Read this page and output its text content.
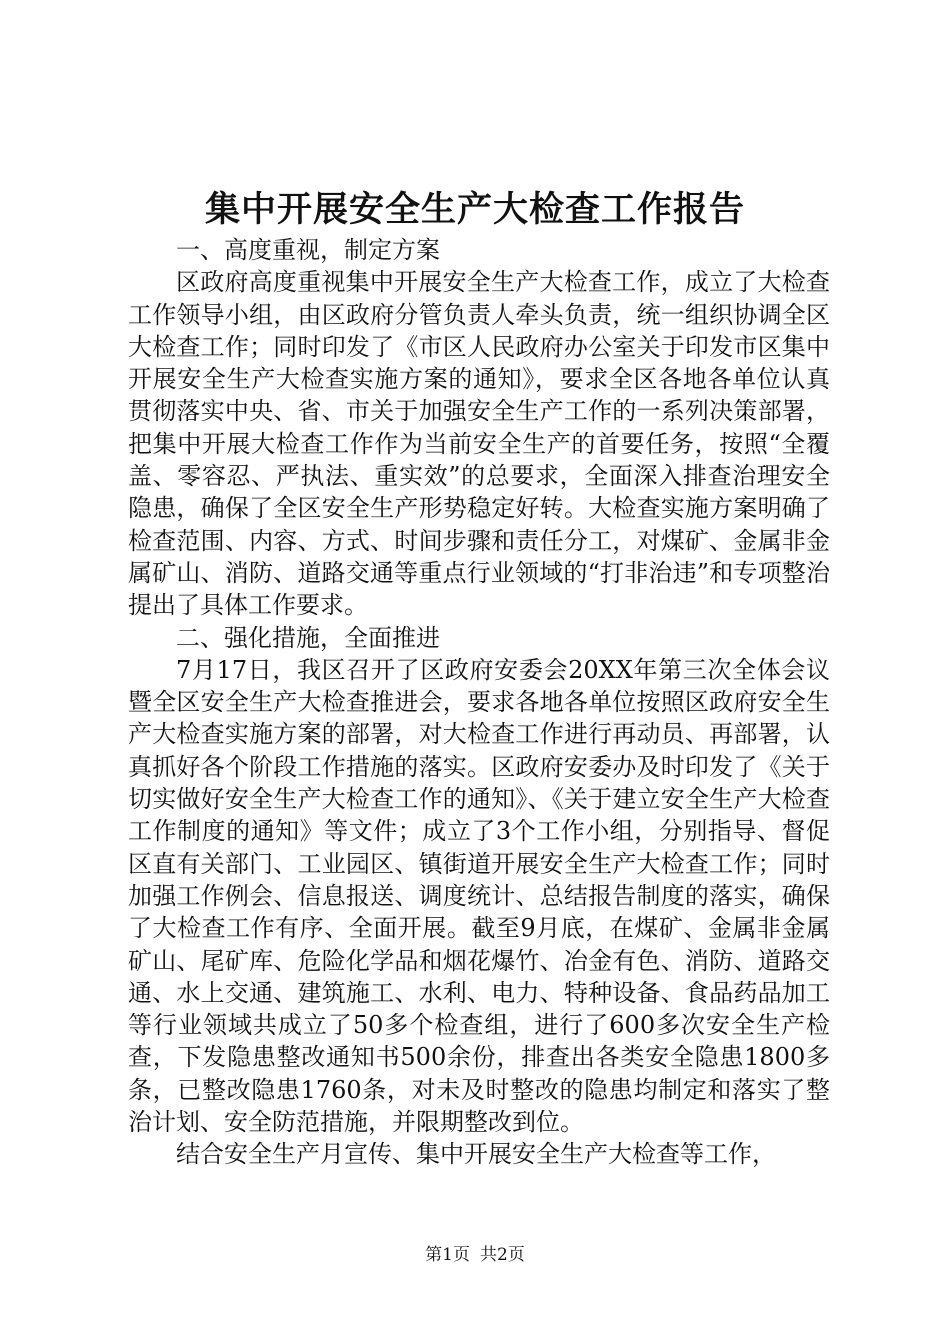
集中开展安全生产大检查工作报告

一、高度重视，制定方案

区政府高度重视集中开展安全生产大检查工作，成立了大检查工作领导小组，由区政府分管负责人牵头负责，统一组织协调全区大检查工作；同时印发了《市区人民政府办公室关于印发市区集中开展安全生产大检查实施方案的通知》，要求全区各地各单位认真贯彻落实中央、省、市关于加强安全生产工作的一系列决策部署，把集中开展大检查工作作为当前安全生产的首要任务，按照“全覆盖、零容忍、严执法、重实效”的总要求，全面深入排查治理安全隐患，确保了全区安全生产形势稳定好转。大检查实施方案明确了检查范围、内容、方式、时间步骤和责任分工，对煤矿、金属非金属矿山、消防、道路交通等重点行业领域的“打非治违”和专项整治提出了具体工作要求。

二、强化措施，全面推进

7月17日，我区召开了区政府安委会20XX年第三次全体会议暨全区安全生产大检查推进会，要求各地各单位按照区政府安全生产大检查实施方案的部署，对大检查工作进行再动员、再部署，认真抓好各个阶段工作措施的落实。区政府安委办及时印发了《关于切实做好安全生产大检查工作的通知》、《关于建立安全生产大检查工作制度的通知》等文件；成立了3个工作小组，分别指导、督促区直有关部门、工业园区、镇街道开展安全生产大检查工作；同时加强工作例会、信息报送、调度统计、总结报告制度的落实，确保了大检查工作有序、全面开展。截至9月底，在煤矿、金属非金属矿山、尾矿库、危险化学品和烟花爆竹、冶金有色、消防、道路交通、水上交通、建筑施工、水利、电力、特种设备、食品药品加工等行业领域共成立了50多个检查组，进行了600多次安全生产检查，下发隐患整改通知书500余份，排查出各类安全隐患1800多条，已整改隐患1760条，对未及时整改的隐患均制定和落实了整治计划、安全防范措施，并限期整改到位。

结合安全生产月宣传、集中开展安全生产大检查等工作，

第1页 共2页
